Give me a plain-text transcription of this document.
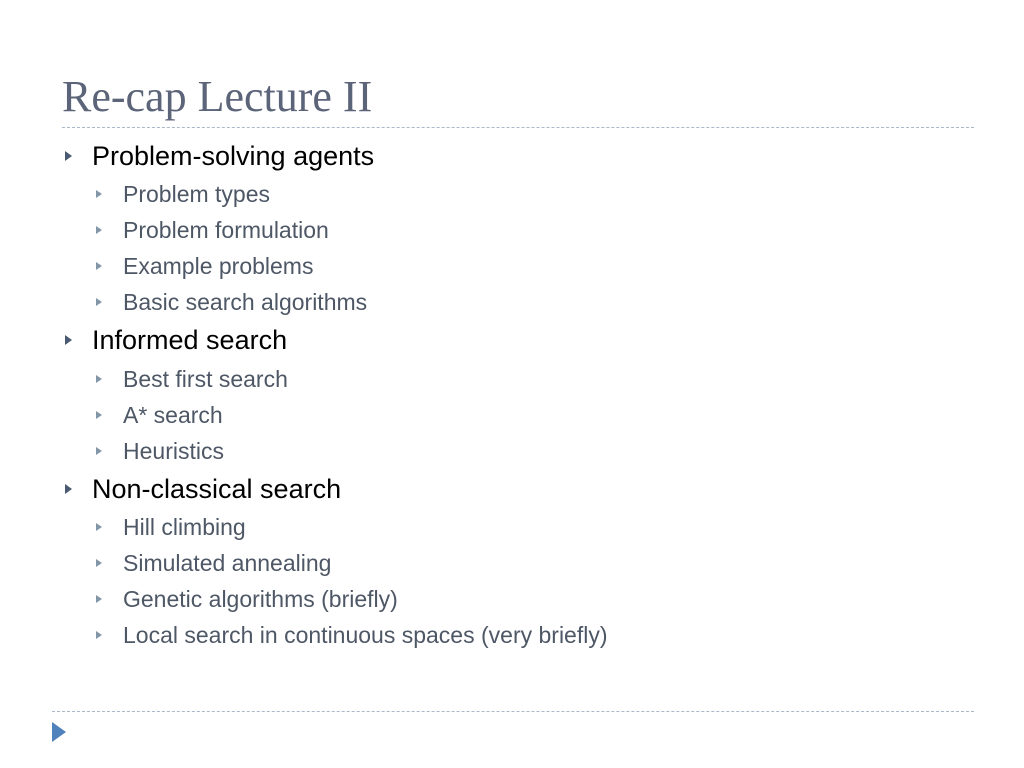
Re-cap Lecture II
Problem-solving agents
Problem types
Problem formulation
Example problems
Basic search algorithms
Informed search
Best first search
A* search
Heuristics
Non-classical search
Hill climbing
Simulated annealing
Genetic algorithms (briefly)
Local search in continuous spaces (very briefly)
